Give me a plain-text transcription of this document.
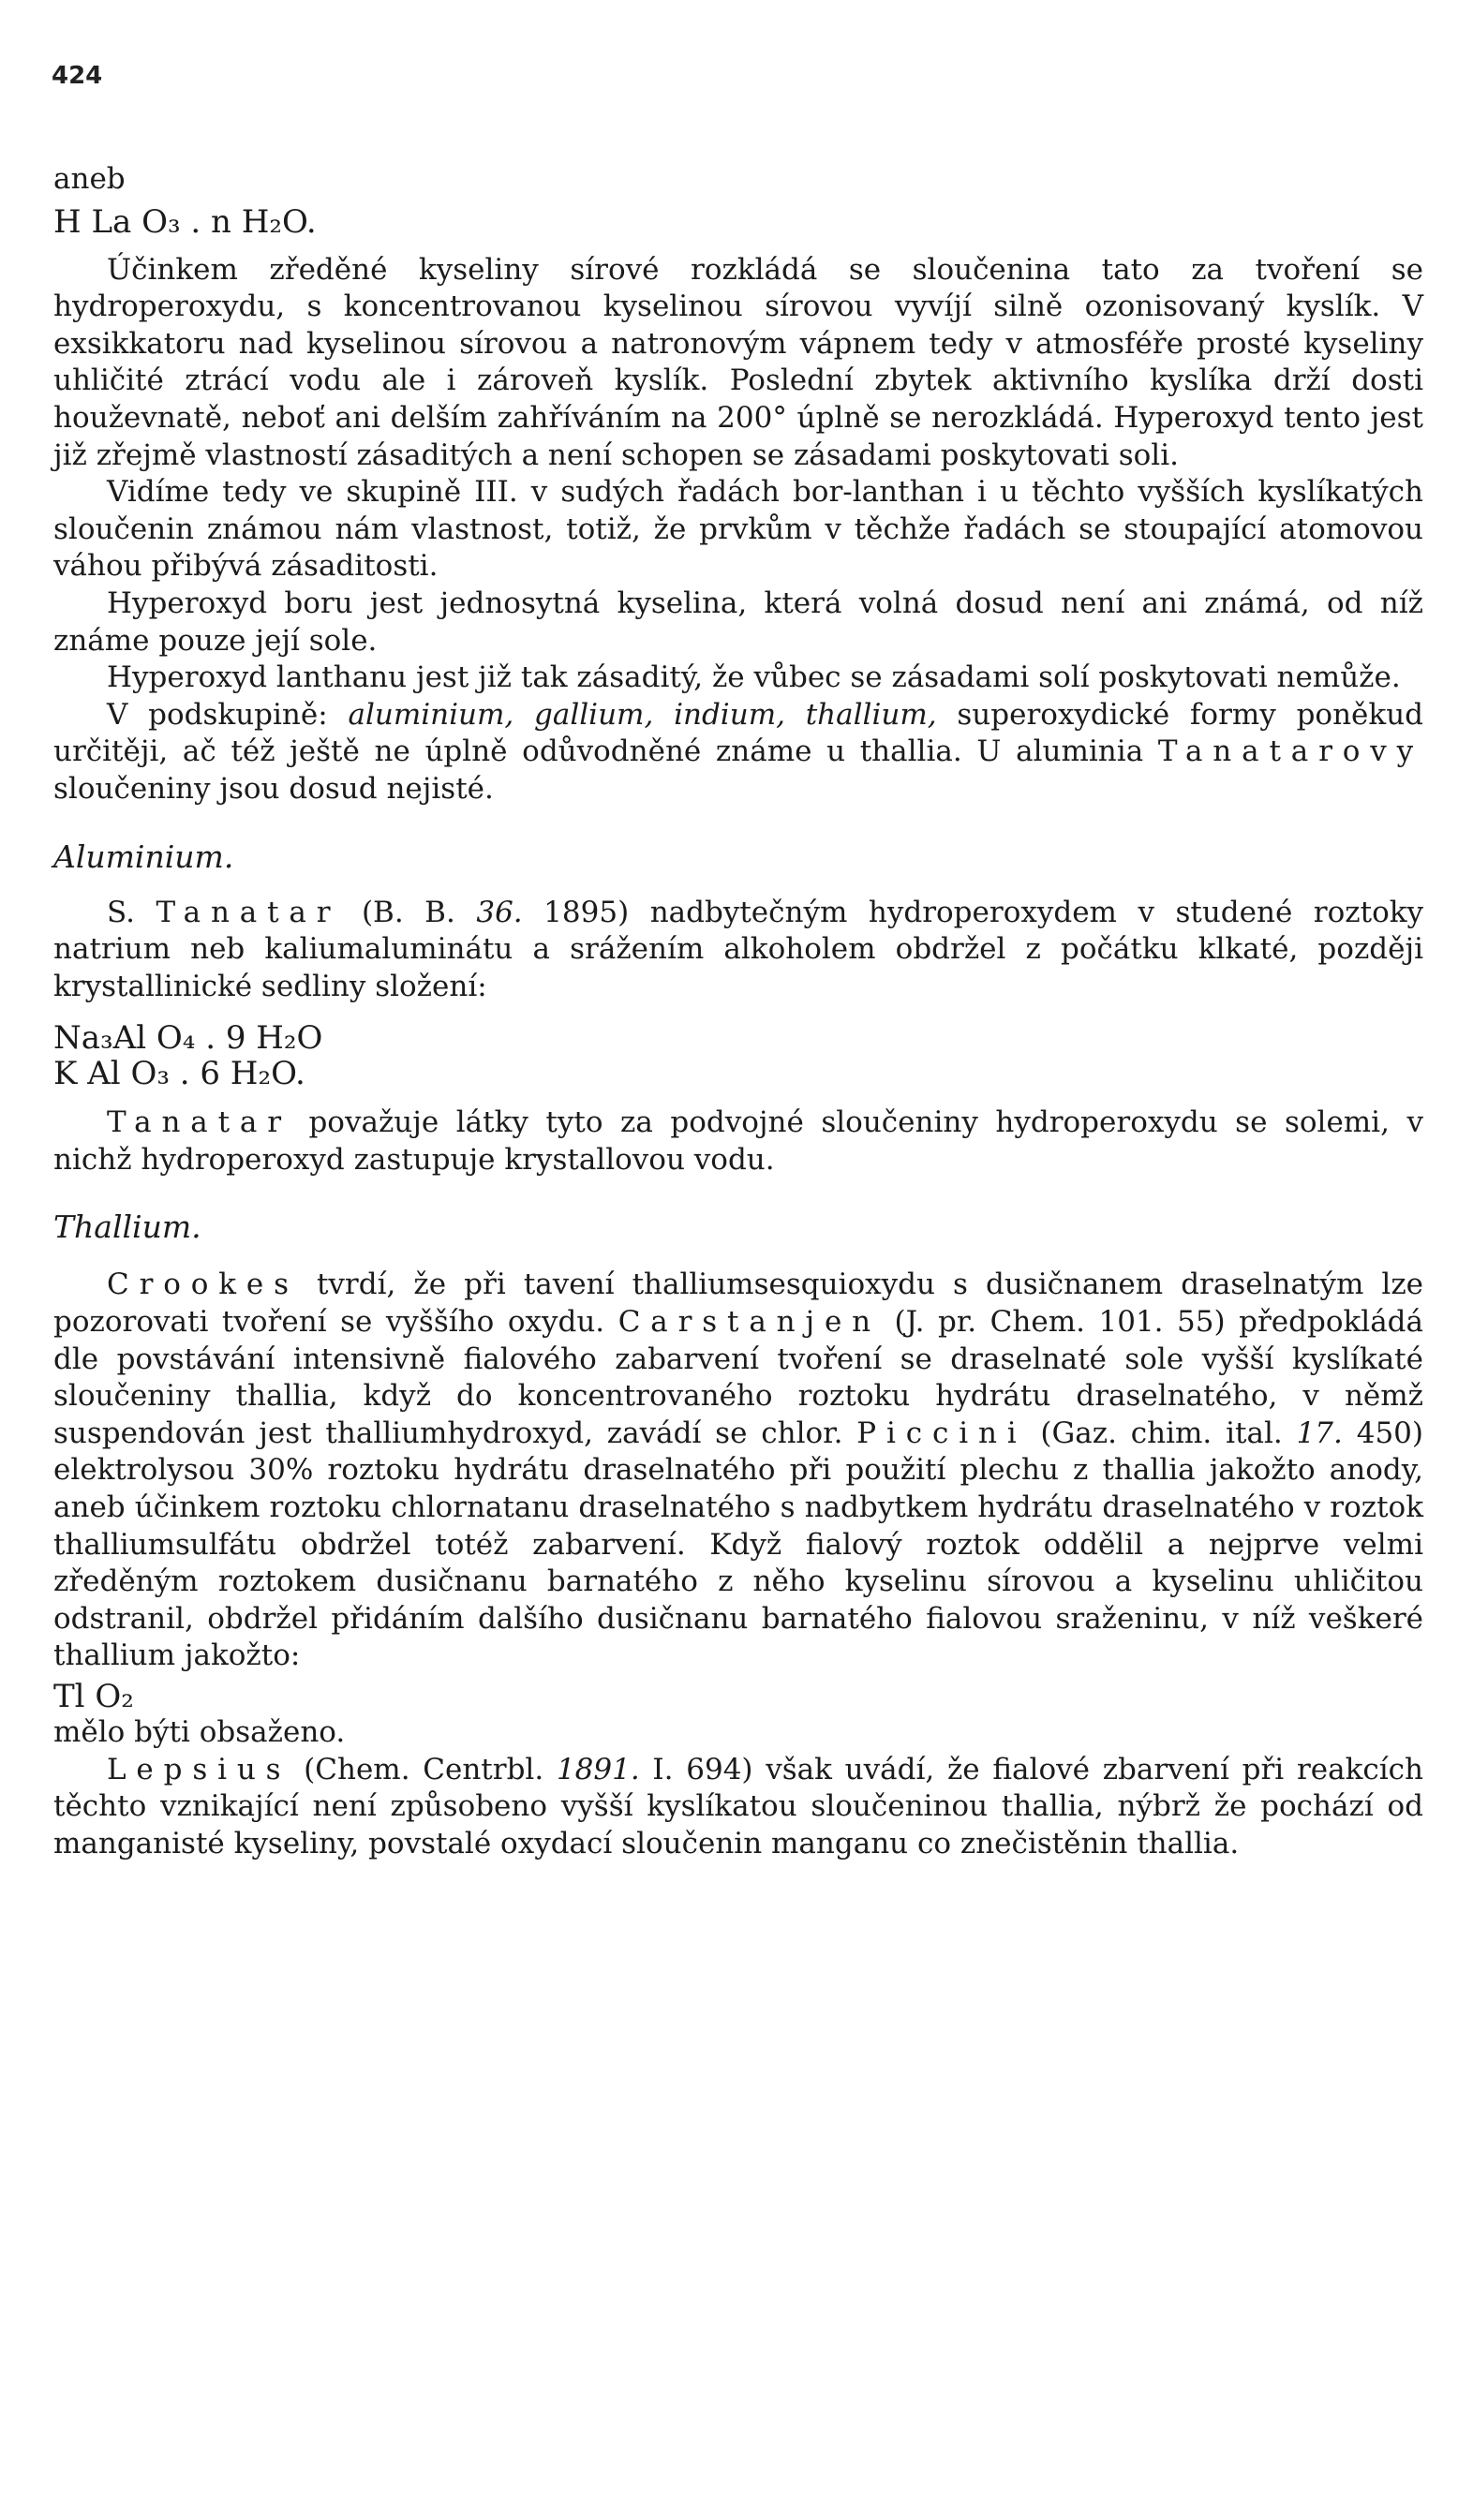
424

aneb

H La O₃ . n H₂O.

Účinkem zředěné kyseliny sírové rozkládá se sloučenina tato za tvoření se hydroperoxydu, s koncentrovanou kyselinou sírovou vyvíjí silně ozonisovaný kyslík. V exsikkatoru nad kyselinou sírovou a natronovým vápnem tedy v atmosféře prosté kyseliny uhličité ztrácí vodu ale i zároveň kyslík. Poslední zbytek aktivního kyslíka drží dosti houževnatě, neboť ani delším zahříváním na 200° úplně se nerozkládá. Hyperoxyd tento jest již zřejmě vlastností zásaditých a není schopen se zásadami poskytovati soli.

Vidíme tedy ve skupině III. v sudých řadách bor-lanthan i u těchto vyšších kyslíkatých sloučenin známou nám vlastnost, totiž, že prvkům v těchže řadách se stoupající atomovou váhou přibývá zásaditosti.

Hyperoxyd boru jest jednosytná kyselina, která volná dosud není ani známá, od níž známe pouze její sole.

Hyperoxyd lanthanu jest již tak zásaditý, že vůbec se zásadami solí poskytovati nemůže.

V podskupině: aluminium, gallium, indium, thallium, superoxydické formy poněkud určitěji, ač též ještě ne úplně odůvodněné známe u thallia. U aluminia Tanatarovy sloučeniny jsou dosud nejisté.

Aluminium.

S. Tanatar (B. B. 36. 1895) nadbytečným hydroperoxydem v studené roztoky natrium neb kaliumaluminátu a srážením alkoholem obdržel z počátku klkaté, později krystallinické sedliny složení:

Na₃Al O₄ . 9 H₂O

K Al O₃ . 6 H₂O.

Tanatar považuje látky tyto za podvojné sloučeniny hydroperoxydu se solemi, v nichž hydroperoxyd zastupuje krystallovou vodu.

Thallium.

Crookes tvrdí, že při tavení thalliumsesquioxydu s dusičnanem draselnatým lze pozorovati tvoření se vyššího oxydu. Carstanjen (J. pr. Chem. 101. 55) předpokládá dle povstávání intensivně fialového zabarvení tvoření se draselnaté sole vyšší kyslíkaté sloučeniny thallia, když do koncentrovaného roztoku hydrátu draselnatého, v němž suspendován jest thalliumhydroxyd, zavádí se chlor. Piccini (Gaz. chim. ital. 17. 450) elektrolysou 30% roztoku hydrátu draselnatého při použití plechu z thallia jakožto anody, aneb účinkem roztoku chlornatanu draselnatého s nadbytkem hydrátu draselnatého v roztok thalliumsulfátu obdržel totéž zabarvení. Když fialový roztok oddělil a nejprve velmi zředěným roztokem dusičnanu barnatého z něho kyselinu sírovou a kyselinu uhličitou odstranil, obdržel přidáním dalšího dusičnanu barnatého fialovou sraženinu, v níž veškeré thallium jakožto:

Tl O₂

mělo býti obsaženo.

Lepsius (Chem. Centrbl. 1891. I. 694) však uvádí, že fialové zbarvení při reakcích těchto vznikající není způsobeno vyšší kyslíkatou sloučeninou thallia, nýbrž že pochází od manganisté kyseliny, povstalé oxydací sloučenin manganu co znečistěnin thallia.
